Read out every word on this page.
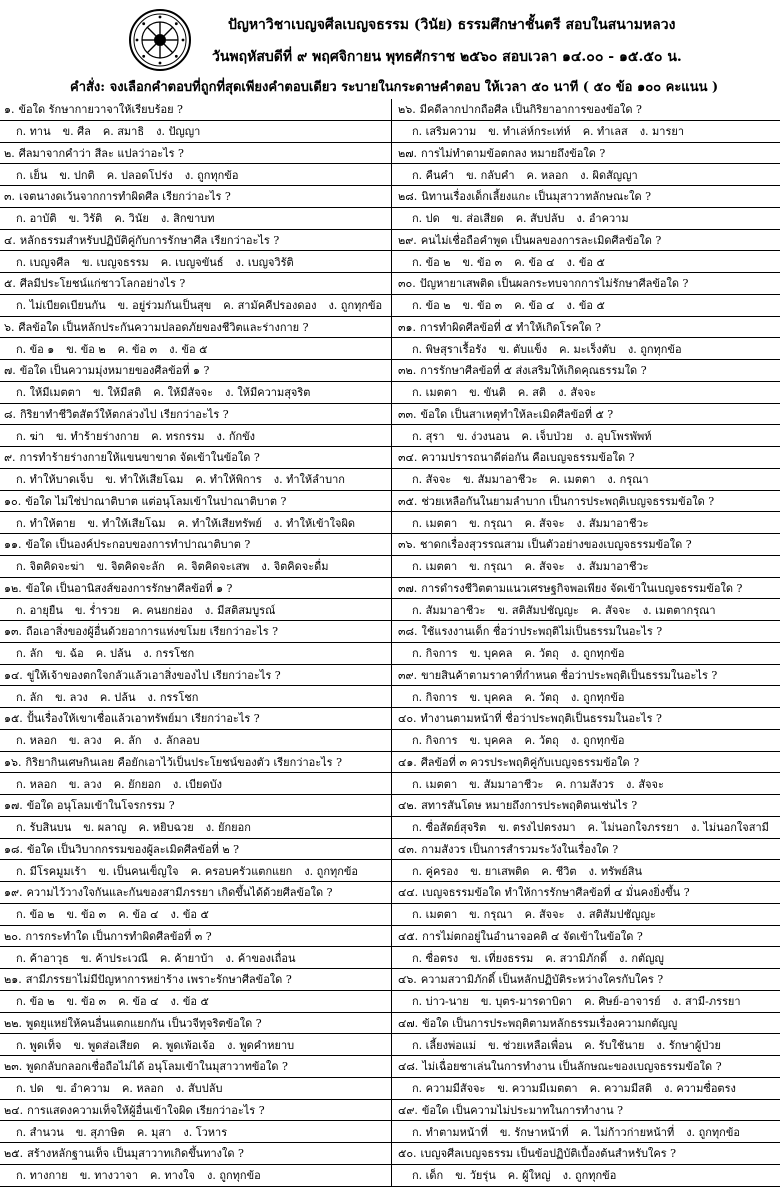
ปัญหาวิชาเบญจศีลเบญจธรรม (วินัย) ธรรมศึกษาชั้นตรี สอบในสนามหลวง
วันพฤหัสบดีที่ ๙ พฤศจิกายน พุทธศักราช ๒๕๖๐ สอบเวลา ๑๔.๐๐ - ๑๕.๕๐ น.
คำสั่ง: จงเลือกคำตอบที่ถูกที่สุดเพียงคำตอบเดียว ระบายในกระดาษคำตอบ ให้เวลา ๕๐ นาที ( ๕๐ ข้อ ๑๐๐ คะแนน )
๑. ข้อใด รักษากายวาจาให้เรียบร้อย ?
ก. ทาน ข. ศีล ค. สมาธิ ง. ปัญญา
๒. ศีลมาจากคำว่า สีละ แปลว่าอะไร ?
ก. เย็น ข. ปกติ ค. ปลอดโปร่ง ง. ถูกทุกข้อ
๓. เจตนางดเว้นจากการทำผิดศีล เรียกว่าอะไร ?
ก. อาบัติ ข. วิรัติ ค. วินัย ง. สิกขาบท
๔. หลักธรรมสำหรับปฏิบัติคู่กับการรักษาศีล เรียกว่าอะไร ?
ก. เบญจศีล ข. เบญจธรรม ค. เบญจขันธ์ ง. เบญจวิรัติ
๕. ศีลมีประโยชน์แก่ชาวโลกอย่างไร ?
ก. ไม่เบียดเบียนกัน ข. อยู่ร่วมกันเป็นสุข ค. สามัคคีปรองดอง ง. ถูกทุกข้อ
๖. ศีลข้อใด เป็นหลักประกันความปลอดภัยของชีวิตและร่างกาย ?
ก. ข้อ ๑ ข. ข้อ ๒ ค. ข้อ ๓ ง. ข้อ ๕
๗. ข้อใด เป็นความมุ่งหมายของศีลข้อที่ ๑ ?
ก. ให้มีเมตตา ข. ให้มีสติ ค. ให้มีสัจจะ ง. ให้มีความสุจริต
๘. กิริยาทำชีวิตสัตว์ให้ตกล่วงไป เรียกว่าอะไร ?
ก. ฆ่า ข. ทำร้ายร่างกาย ค. ทรกรรม ง. กักขัง
๙. การทำร้ายร่างกายให้แขนขาขาด จัดเข้าในข้อใด ?
ก. ทำให้บาดเจ็บ ข. ทำให้เสียโฉม ค. ทำให้พิการ ง. ทำให้ลำบาก
๑๐. ข้อใด ไม่ใช่ปาณาติบาต แต่อนุโลมเข้าในปาณาติบาต ?
ก. ทำให้ตาย ข. ทำให้เสียโฉม ค. ทำให้เสียทรัพย์ ง. ทำให้เข้าใจผิด
๑๑. ข้อใด เป็นองค์ประกอบของการทำปาณาติบาต ?
ก. จิตคิดจะฆ่า ข. จิตคิดจะลัก ค. จิตคิดจะเสพ ง. จิตคิดจะดื่ม
๑๒. ข้อใด เป็นอานิสงส์ของการรักษาศีลข้อที่ ๑ ?
ก. อายุยืน ข. ร่ำรวย ค. คนยกย่อง ง. มีสติสมบูรณ์
๑๓. ถือเอาสิ่งของผู้อื่นด้วยอาการแห่งขโมย เรียกว่าอะไร ?
ก. ลัก ข. ฉ้อ ค. ปล้น ง. กรรโชก
๑๔. ขู่ให้เจ้าของตกใจกลัวแล้วเอาสิ่งของไป เรียกว่าอะไร ?
ก. ลัก ข. ลวง ค. ปล้น ง. กรรโชก
๑๕. ปั้นเรื่องให้เขาเชื่อแล้วเอาทรัพย์มา เรียกว่าอะไร ?
ก. หลอก ข. ลวง ค. ลัก ง. ลักลอบ
๑๖. กิริยากินเศษกินเลย คือยักเอาไว้เป็นประโยชน์ของตัว เรียกว่าอะไร ?
ก. หลอก ข. ลวง ค. ยักยอก ง. เบียดบัง
๑๗. ข้อใด อนุโลมเข้าในโจรกรรม ?
ก. รับสินบน ข. ผลาญ ค. หยิบฉวย ง. ยักยอก
๑๘. ข้อใด เป็นวิบากกรรมของผู้ละเมิดศีลข้อที่ ๒ ?
ก. มีโรคมูมเร้า ข. เป็นคนเข็ญใจ ค. ครอบครัวแตกแยก ง. ถูกทุกข้อ
๑๙. ความไว้วางใจกันและกันของสามีภรรยา เกิดขึ้นได้ด้วยศีลข้อใด ?
ก. ข้อ ๒ ข. ข้อ ๓ ค. ข้อ ๔ ง. ข้อ ๕
๒๐. การกระทำใด เป็นการทำผิดศีลข้อที่ ๓ ?
ก. ค้าอาวุธ ข. ค้าประเวณี ค. ค้ายาบ้า ง. ค้าของเถื่อน
๒๑. สามีภรรยาไม่มีปัญหาการหย่าร้าง เพราะรักษาศีลข้อใด ?
ก. ข้อ ๒ ข. ข้อ ๓ ค. ข้อ ๔ ง. ข้อ ๕
๒๒. พูดยุแหย่ให้คนอื่นแตกแยกกัน เป็นวจีทุจริตข้อใด ?
ก. พูดเท็จ ข. พูดส่อเสียด ค. พูดเพ้อเจ้อ ง. พูดคำหยาบ
๒๓. พูดกลับกลอกเชื่อถือไม่ได้ อนุโลมเข้าในมุสาวาทข้อใด ?
ก. ปด ข. อำความ ค. หลอก ง. สับปลับ
๒๔. การแสดงความเท็จให้ผู้อื่นเข้าใจผิด เรียกว่าอะไร ?
ก. สำนวน ข. สุภาษิต ค. มุสา ง. โวหาร
๒๕. สร้างหลักฐานเท็จ เป็นมุสาวาทเกิดขึ้นทางใด ?
ก. ทางกาย ข. ทางวาจา ค. ทางใจ ง. ถูกทุกข้อ
๒๖. มีคดีลากปากถือศีล เป็นกิริยาอาการของข้อใด ?
ก. เสริมความ ข. ทำเล่ห์กระเท่ห์ ค. ทำเลส ง. มารยา
๒๗. การไม่ทำตามข้อตกลง หมายถึงข้อใด ?
ก. คืนคำ ข. กลับคำ ค. หลอก ง. ผิดสัญญา
๒๘. นิทานเรื่องเด็กเลี้ยงแกะ เป็นมุสาวาทลักษณะใด ?
ก. ปด ข. ส่อเสียด ค. สับปลับ ง. อำความ
๒๙. คนไม่เชื่อถือคำพูด เป็นผลของการละเมิดศีลข้อใด ?
ก. ข้อ ๒ ข. ข้อ ๓ ค. ข้อ ๔ ง. ข้อ ๕
๓๐. ปัญหายาเสพติด เป็นผลกระทบจากการไม่รักษาศีลข้อใด ?
ก. ข้อ ๒ ข. ข้อ ๓ ค. ข้อ ๔ ง. ข้อ ๕
๓๑. การทำผิดศีลข้อที่ ๕ ทำให้เกิดโรคใด ?
ก. พิษสุราเรื้อรัง ข. ตับแข็ง ค. มะเร็งตับ ง. ถูกทุกข้อ
๓๒. การรักษาศีลข้อที่ ๕ ส่งเสริมให้เกิดคุณธรรมใด ?
ก. เมตตา ข. ขันติ ค. สติ ง. สัจจะ
๓๓. ข้อใด เป็นสาเหตุทำให้ละเมิดศีลข้อที่ ๕ ?
ก. สุรา ข. ง่วงนอน ค. เจ็บป่วย ง. อุบโพรพัพท์
๓๔. ความปรารถนาดีต่อกัน คือเบญจธรรมข้อใด ?
ก. สัจจะ ข. สัมมาอาชีวะ ค. เมตตา ง. กรุณา
๓๕. ช่วยเหลือกันในยามลำบาก เป็นการประพฤติเบญจธรรมข้อใด ?
ก. เมตตา ข. กรุณา ค. สัจจะ ง. สัมมาอาชีวะ
๓๖. ชาดกเรื่องสุวรรณสาม เป็นตัวอย่างของเบญจธรรมข้อใด ?
ก. เมตตา ข. กรุณา ค. สัจจะ ง. สัมมาอาชีวะ
๓๗. การดำรงชีวิตตามแนวเศรษฐกิจพอเพียง จัดเข้าในเบญจธรรมข้อใด ?
ก. สัมมาอาชีวะ ข. สติสัมปชัญญะ ค. สัจจะ ง. เมตตากรุณา
๓๘. ใช้แรงงานเด็ก ชื่อว่าประพฤติไม่เป็นธรรมในอะไร ?
ก. กิจการ ข. บุคคล ค. วัตถุ ง. ถูกทุกข้อ
๓๙. ขายสินค้าตามราคาที่กำหนด ชื่อว่าประพฤติเป็นธรรมในอะไร ?
ก. กิจการ ข. บุคคล ค. วัตถุ ง. ถูกทุกข้อ
๔๐. ทำงานตามหน้าที่ ชื่อว่าประพฤติเป็นธรรมในอะไร ?
ก. กิจการ ข. บุคคล ค. วัตถุ ง. ถูกทุกข้อ
๔๑. ศีลข้อที่ ๓ ควรประพฤติคู่กับเบญจธรรมข้อใด ?
ก. เมตตา ข. สัมมาอาชีวะ ค. กามสังวร ง. สัจจะ
๔๒. สทารสันโดษ หมายถึงการประพฤติตนเช่นไร ?
ก. ซื่อสัตย์สุจริต ข. ตรงไปตรงมา ค. ไม่นอกใจภรรยา ง. ไม่นอกใจสามี
๔๓. กามสังวร เป็นการสำรวมระวังในเรื่องใด ?
ก. คู่ครอง ข. ยาเสพติด ค. ชีวิต ง. ทรัพย์สิน
๔๔. เบญจธรรมข้อใด ทำให้การรักษาศีลข้อที่ ๔ มั่นคงยิ่งขึ้น ?
ก. เมตตา ข. กรุณา ค. สัจจะ ง. สติสัมปชัญญะ
๔๕. การไม่ตกอยู่ในอำนาจอคติ ๔ จัดเข้าในข้อใด ?
ก. ซื่อตรง ข. เที่ยงธรรม ค. สวามิภักดิ์ ง. กตัญญู
๔๖. ความสวามิภักดิ์ เป็นหลักปฏิบัติระหว่างใครกับใคร ?
ก. บ่าว-นาย ข. บุตร-มารดาบิดา ค. ศิษย์-อาจารย์ ง. สามี-ภรรยา
๔๗. ข้อใด เป็นการประพฤติตามหลักธรรมเรื่องความกตัญญู
ก. เลี้ยงพ่อแม่ ข. ช่วยเหลือเพื่อน ค. รับใช้นาย ง. รักษาผู้ป่วย
๔๘. ไม่เฉื่อยชาเล่นในการทำงาน เป็นลักษณะของเบญจธรรมข้อใด ?
ก. ความมีสัจจะ ข. ความมีเมตตา ค. ความมีสติ ง. ความซื่อตรง
๔๙. ข้อใด เป็นความไม่ประมาทในการทำงาน ?
ก. ทำตามหน้าที่ ข. รักษาหน้าที่ ค. ไม่ก้าวก่ายหน้าที่ ง. ถูกทุกข้อ
๕๐. เบญจศีลเบญจธรรม เป็นข้อปฏิบัติเบื้องต้นสำหรับใคร ?
ก. เด็ก ข. วัยรุ่น ค. ผู้ใหญ่ ง. ถูกทุกข้อ
